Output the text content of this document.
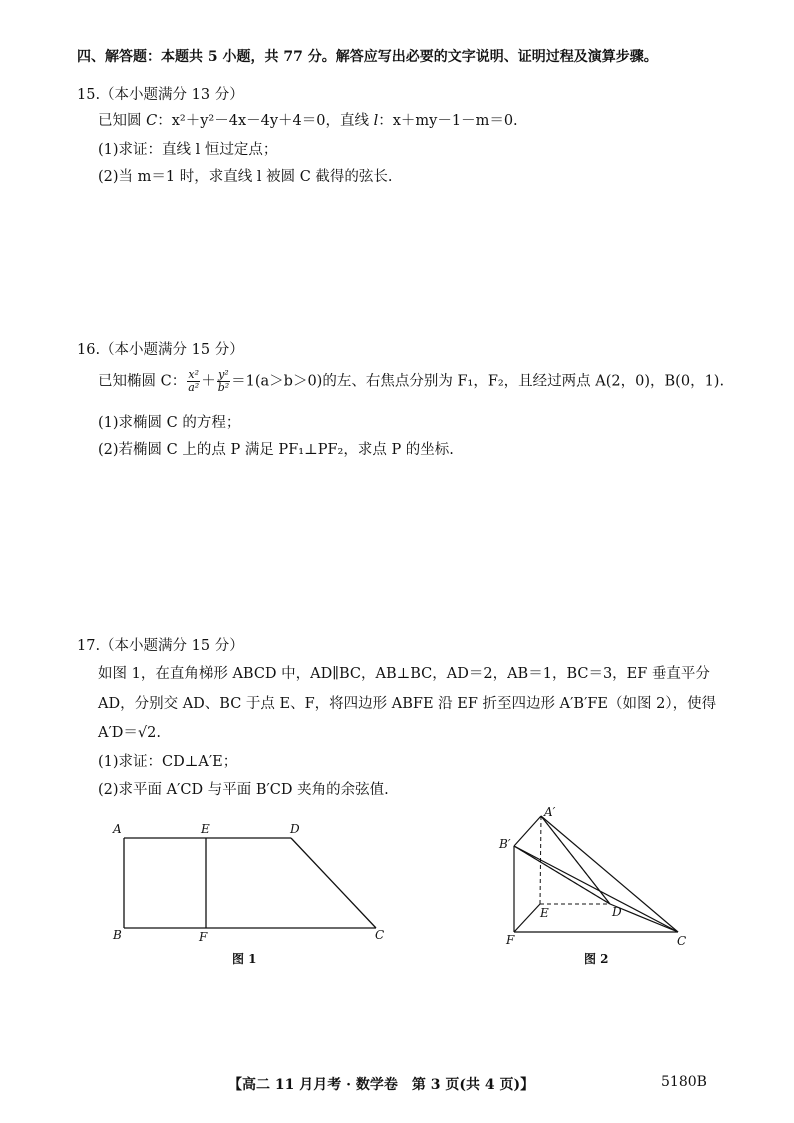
四、解答题：本题共 5 小题，共 77 分。解答应写出必要的文字说明、证明过程及演算步骤。
15.（本小题满分 13 分）
已知圆 C：x²＋y²－4x－4y＋4＝0，直线 l：x＋my－1－m＝0.
(1)求证：直线 l 恒过定点；
(2)当 m＝1 时，求直线 l 被圆 C 截得的弦长.
16.（本小题满分 15 分）
已知椭圆 C： $\frac{\text{x²}}{\text{a²}} + \frac{\text{y²}}{\text{b²}} =1(a>b>0)$的左、右焦点分别为 F₁，F₂，且经过两点 A(2，0)，B(0，1).
(1)求椭圆 C 的方程；
(2)若椭圆 C 上的点 P 满足 PF₁⊥PF₂，求点 P 的坐标.
17.（本小题满分 15 分）
如图 1，在直角梯形 ABCD 中，AD∥BC，AB⊥BC，AD＝2，AB＝1，BC＝3，EF 垂直平分
AD，分别交 AD、BC 于点 E、F，将四边形 ABFE 沿 EF 折至四边形 A′B′FE（如图 2），使得
A′D＝√2.
(1)求证：CD⊥A′E；
(2)求平面 A′CD 与平面 B′CD 夹角的余弦值.
A	E	D
B	F	C
图 1
A′
B′
E	D
F	C
图 2
【高二 11 月月考 · 数学卷　第 3 页(共 4 页)】	5180B
